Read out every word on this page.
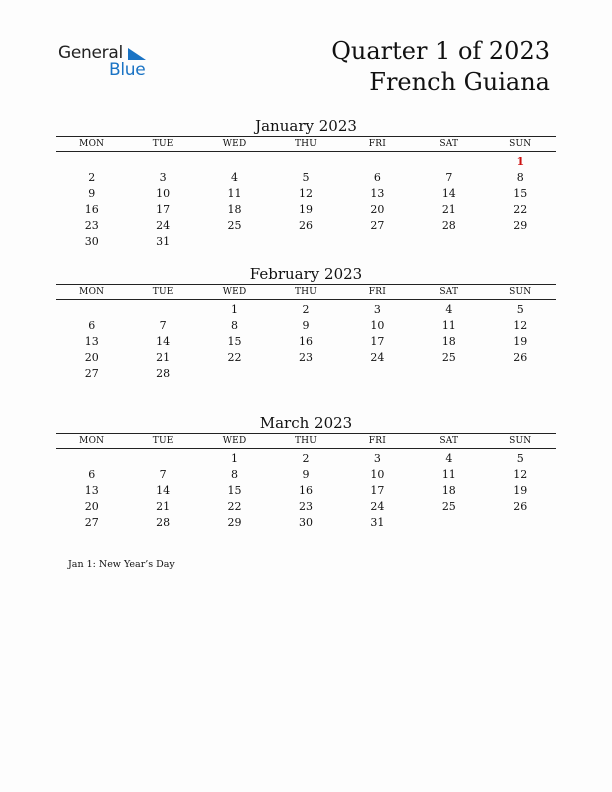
General
Blue
Quarter 1 of 2023
French Guiana
January 2023
MON	TUE	WED	THU	FRI	SAT	SUN
						1
2	3	4	5	6	7	8
9	10	11	12	13	14	15
16	17	18	19	20	21	22
23	24	25	26	27	28	29
30	31					
February 2023
MON	TUE	WED	THU	FRI	SAT	SUN
		1	2	3	4	5
6	7	8	9	10	11	12
13	14	15	16	17	18	19
20	21	22	23	24	25	26
27	28					
March 2023
MON	TUE	WED	THU	FRI	SAT	SUN
		1	2	3	4	5
6	7	8	9	10	11	12
13	14	15	16	17	18	19
20	21	22	23	24	25	26
27	28	29	30	31		
Jan 1: New Year’s Day
